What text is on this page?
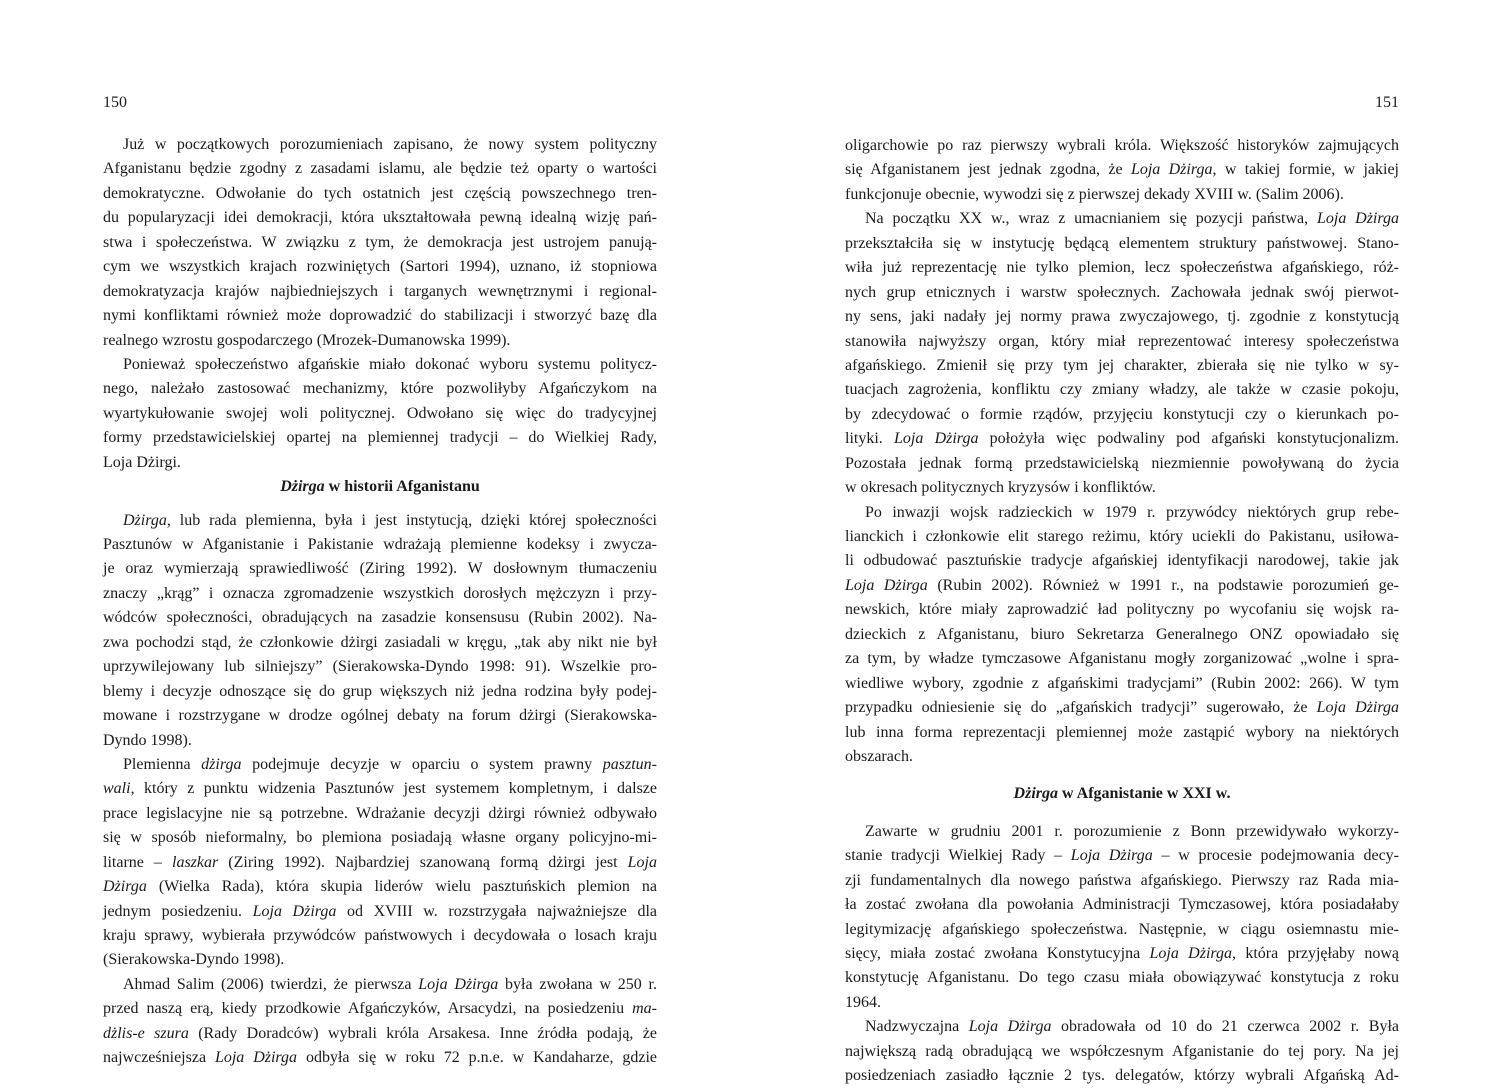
150
Już w początkowych porozumieniach zapisano, że nowy system polityczny
Afganistanu będzie zgodny z zasadami islamu, ale będzie też oparty o wartości
demokratyczne. Odwołanie do tych ostatnich jest częścią powszechnego tren-
du popularyzacji idei demokracji, która ukształtowała pewną idealną wizję pań-
stwa i społeczeństwa. W związku z tym, że demokracja jest ustrojem panują-
cym we wszystkich krajach rozwiniętych (Sartori 1994), uznano, iż stopniowa
demokratyzacja krajów najbiedniejszych i targanych wewnętrznymi i regional-
nymi konfliktami również może doprowadzić do stabilizacji i stworzyć bazę dla
realnego wzrostu gospodarczego (Mrozek-Dumanowska 1999).
Ponieważ społeczeństwo afgańskie miało dokonać wyboru systemu politycz-
nego, należało zastosować mechanizmy, które pozwoliłyby Afgańczykom na
wyartykułowanie swojej woli politycznej. Odwołano się więc do tradycyjnej
formy przedstawicielskiej opartej na plemiennej tradycji – do Wielkiej Rady,
Loja Dżirgi.
Dżirga w historii Afganistanu
Dżirga, lub rada plemienna, była i jest instytucją, dzięki której społeczności
Pasztunów w Afganistanie i Pakistanie wdrażają plemienne kodeksy i zwycza-
je oraz wymierzają sprawiedliwość (Ziring 1992). W dosłownym tłumaczeniu
znaczy „krąg” i oznacza zgromadzenie wszystkich dorosłych mężczyzn i przy-
wódców społeczności, obradujących na zasadzie konsensusu (Rubin 2002). Na-
zwa pochodzi stąd, że członkowie dżirgi zasiadali w kręgu, „tak aby nikt nie był
uprzywilejowany lub silniejszy” (Sierakowska-Dyndo 1998: 91). Wszelkie pro-
blemy i decyzje odnoszące się do grup większych niż jedna rodzina były podej-
mowane i rozstrzygane w drodze ogólnej debaty na forum dżirgi (Sierakowska-
Dyndo 1998).
Plemienna dżirga podejmuje decyzje w oparciu o system prawny pasztun-
wali, który z punktu widzenia Pasztunów jest systemem kompletnym, i dalsze
prace legislacyjne nie są potrzebne. Wdrażanie decyzji dżirgi również odbywało
się w sposób nieformalny, bo plemiona posiadają własne organy policyjno-mi-
litarne – laszkar (Ziring 1992). Najbardziej szanowaną formą dżirgi jest Loja
Dżirga (Wielka Rada), która skupia liderów wielu pasztuńskich plemion na
jednym posiedzeniu. Loja Dżirga od XVIII w. rozstrzygała najważniejsze dla
kraju sprawy, wybierała przywódców państwowych i decydowała o losach kraju
(Sierakowska-Dyndo 1998).
Ahmad Salim (2006) twierdzi, że pierwsza Loja Dżirga była zwołana w 250 r.
przed naszą erą, kiedy przodkowie Afgańczyków, Arsacydzi, na posiedzeniu ma-
dżlis-e szura (Rady Doradców) wybrali króla Arsakesa. Inne źródła podają, że
najwcześniejsza Loja Dżirga odbyła się w roku 72 p.n.e. w Kandaharze, gdzie
151
oligarchowie po raz pierwszy wybrali króla. Większość historyków zajmujących
się Afganistanem jest jednak zgodna, że Loja Dżirga, w takiej formie, w jakiej
funkcjonuje obecnie, wywodzi się z pierwszej dekady XVIII w. (Salim 2006).
Na początku XX w., wraz z umacnianiem się pozycji państwa, Loja Dżirga
przekształciła się w instytucję będącą elementem struktury państwowej. Stano-
wiła już reprezentację nie tylko plemion, lecz społeczeństwa afgańskiego, róż-
nych grup etnicznych i warstw społecznych. Zachowała jednak swój pierwot-
ny sens, jaki nadały jej normy prawa zwyczajowego, tj. zgodnie z konstytucją
stanowiła najwyższy organ, który miał reprezentować interesy społeczeństwa
afgańskiego. Zmienił się przy tym jej charakter, zbierała się nie tylko w sy-
tuacjach zagrożenia, konfliktu czy zmiany władzy, ale także w czasie pokoju,
by zdecydować o formie rządów, przyjęciu konstytucji czy o kierunkach po-
lityki. Loja Dżirga położyła więc podwaliny pod afgański konstytucjonalizm.
Pozostała jednak formą przedstawicielską niezmiennie powoływaną do życia
w okresach politycznych kryzysów i konfliktów.
Po inwazji wojsk radzieckich w 1979 r. przywódcy niektórych grup rebe-
lianckich i członkowie elit starego reżimu, który uciekli do Pakistanu, usiłowa-
li odbudować pasztuńskie tradycje afgańskiej identyfikacji narodowej, takie jak
Loja Dżirga (Rubin 2002). Również w 1991 r., na podstawie porozumień ge-
newskich, które miały zaprowadzić ład polityczny po wycofaniu się wojsk ra-
dzieckich z Afganistanu, biuro Sekretarza Generalnego ONZ opowiadało się
za tym, by władze tymczasowe Afganistanu mogły zorganizować „wolne i spra-
wiedliwe wybory, zgodnie z afgańskimi tradycjami” (Rubin 2002: 266). W tym
przypadku odniesienie się do „afgańskich tradycji” sugerowało, że Loja Dżirga
lub inna forma reprezentacji plemiennej może zastąpić wybory na niektórych
obszarach.
Dżirga w Afganistanie w XXI w.
Zawarte w grudniu 2001 r. porozumienie z Bonn przewidywało wykorzy-
stanie tradycji Wielkiej Rady – Loja Dżirga – w procesie podejmowania decy-
zji fundamentalnych dla nowego państwa afgańskiego. Pierwszy raz Rada mia-
ła zostać zwołana dla powołania Administracji Tymczasowej, która posiadałaby
legitymizację afgańskiego społeczeństwa. Następnie, w ciągu osiemnastu mie-
sięcy, miała zostać zwołana Konstytucyjna Loja Dżirga, która przyjęłaby nową
konstytucję Afganistanu. Do tego czasu miała obowiązywać konstytucja z roku
1964.
Nadzwyczajna Loja Dżirga obradowała od 10 do 21 czerwca 2002 r. Była
największą radą obradującą we współczesnym Afganistanie do tej pory. Na jej
posiedzeniach zasiadło łącznie 2 tys. delegatów, którzy wybrali Afgańską Ad-
